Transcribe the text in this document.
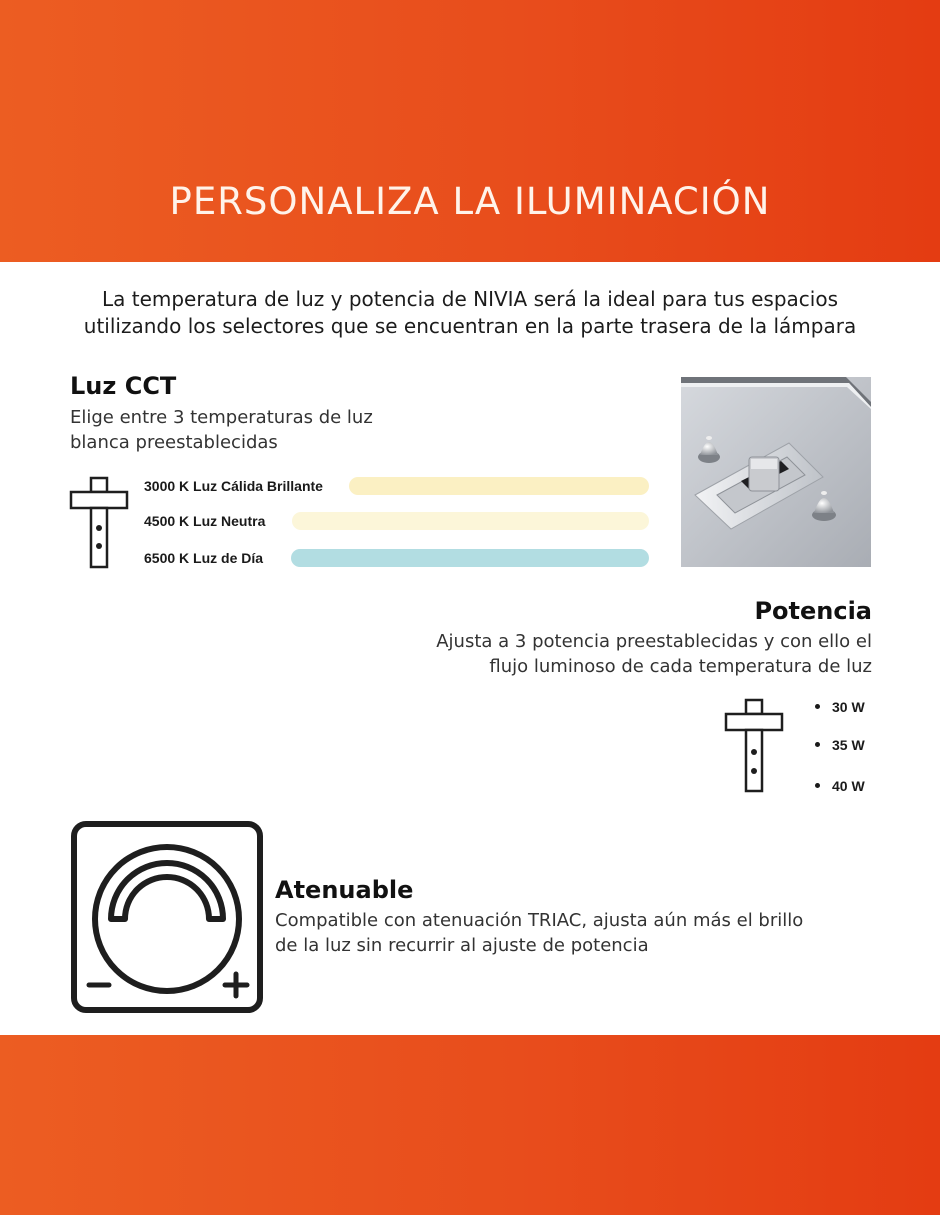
PERSONALIZA LA ILUMINACIÓN
La temperatura de luz y potencia de NIVIA será la ideal para tus espacios
utilizando los selectores que se encuentran en la parte trasera de la lámpara
Luz CCT
Elige entre 3 temperaturas de luz
blanca preestablecidas
3000 K Luz Cálida Brillante
4500 K Luz Neutra
6500 K Luz de Día
Potencia
Ajusta a 3 potencia preestablecidas y con ello el
flujo luminoso de cada temperatura de luz
30 W
35 W
40 W
Atenuable
Compatible con atenuación TRIAC, ajusta aún más el brillo
de la luz sin recurrir al ajuste de potencia
